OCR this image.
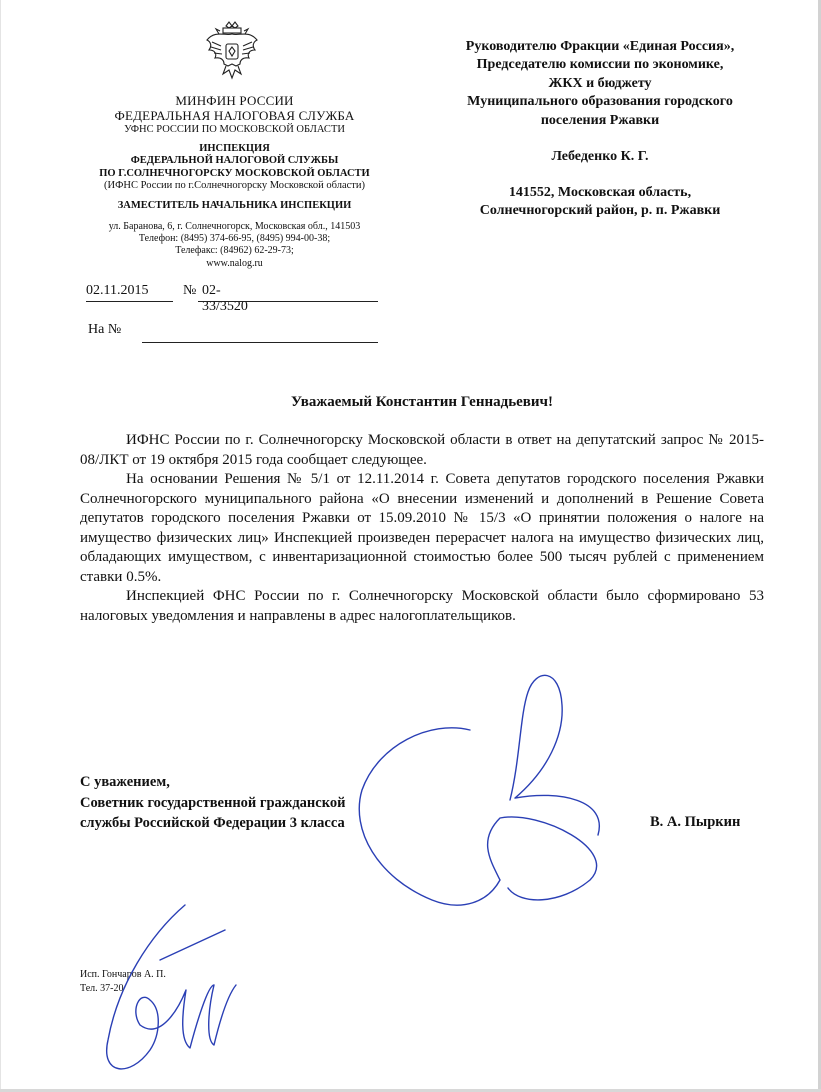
МИНФИН РОССИИ
ФЕДЕРАЛЬНАЯ НАЛОГОВАЯ СЛУЖБА
УФНС РОССИИ ПО МОСКОВСКОЙ ОБЛАСТИ
ИНСПЕКЦИЯ
ФЕДЕРАЛЬНОЙ НАЛОГОВОЙ СЛУЖБЫ
ПО Г.СОЛНЕЧНОГОРСКУ МОСКОВСКОЙ ОБЛАСТИ
(ИФНС России по г.Солнечногорску Московской области)
ЗАМЕСТИТЕЛЬ НАЧАЛЬНИКА ИНСПЕКЦИИ
ул. Баранова, 6, г. Солнечногорск, Московская обл., 141503
Телефон: (8495) 374-66-95, (8495) 994-00-38;
Телефакс: (84962) 62-29-73;
www.nalog.ru
02.11.2015	№ 02-33/3520
На №
Руководителю Фракции «Единая Россия»,
Председателю комиссии по экономике,
ЖКХ и бюджету
Муниципального образования городского
поселения Ржавки
Лебеденко К. Г.
141552, Московская область,
Солнечногорский район, р. п. Ржавки
Уважаемый Константин Геннадьевич!

ИФНС России по г. Солнечногорску Московской области в ответ на депутатский запрос № 2015-08/ЛКТ от 19 октября 2015 года сообщает следующее.

На основании Решения № 5/1 от 12.11.2014 г. Совета депутатов городского поселения Ржавки Солнечногорского муниципального района «О внесении изменений и дополнений в Решение Совета депутатов городского поселения Ржавки от 15.09.2010 № 15/3 «О принятии положения о налоге на имущество физических лиц» Инспекцией произведен перерасчет налога на имущество физических лиц, обладающих имуществом, с инвентаризационной стоимостью более 500 тысяч рублей с применением ставки 0.5%.

Инспекцией ФНС России по г. Солнечногорску Московской области было сформировано 53 налоговых уведомления и направлены в адрес налогоплательщиков.

С уважением,
Советник государственной гражданской
службы Российской Федерации 3 класса	В. А. Пыркин
Исп. Гончаров А. П.
Тел. 37-20
